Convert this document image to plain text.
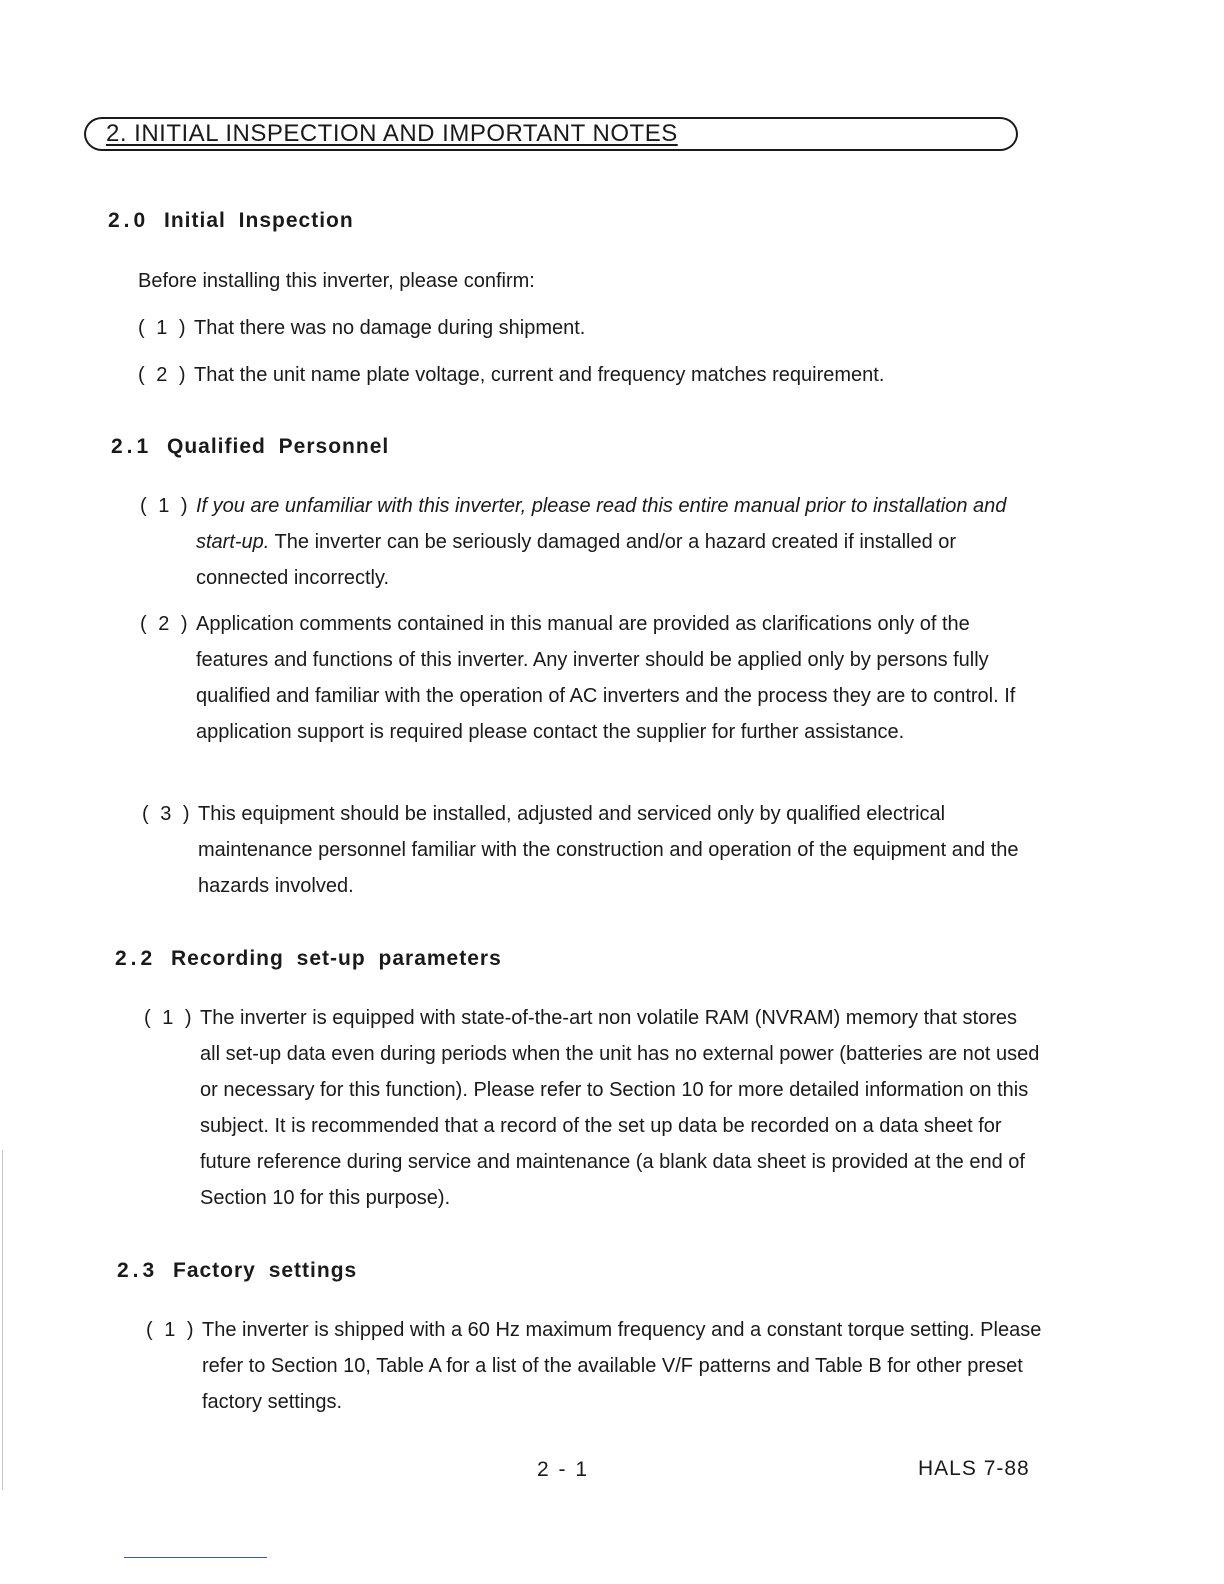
2. INITIAL INSPECTION AND IMPORTANT NOTES
2.0 Initial Inspection
Before installing this inverter, please confirm:
( 1 ) That there was no damage during shipment.
( 2 ) That the unit name plate voltage, current and frequency matches requirement.
2.1 Qualified Personnel
( 1 ) If you are unfamiliar with this inverter, please read this entire manual prior to installation and start-up. The inverter can be seriously damaged and/or a hazard created if installed or connected incorrectly.
( 2 ) Application comments contained in this manual are provided as clarifications only of the features and functions of this inverter. Any inverter should be applied only by persons fully qualified and familiar with the operation of AC inverters and the process they are to control. If application support is required please contact the supplier for further assistance.
( 3 ) This equipment should be installed, adjusted and serviced only by qualified electrical maintenance personnel familiar with the construction and operation of the equipment and the hazards involved.
2.2 Recording set-up parameters
( 1 ) The inverter is equipped with state-of-the-art non volatile RAM (NVRAM) memory that stores all set-up data even during periods when the unit has no external power (batteries are not used or necessary for this function). Please refer to Section 10 for more detailed information on this subject. It is recommended that a record of the set up data be recorded on a data sheet for future reference during service and maintenance (a blank data sheet is provided at the end of Section 10 for this purpose).
2.3 Factory settings
( 1 ) The inverter is shipped with a 60 Hz maximum frequency and a constant torque setting. Please refer to Section 10, Table A for a list of the available V/F patterns and Table B for other preset factory settings.
2 - 1	HALS 7-88
